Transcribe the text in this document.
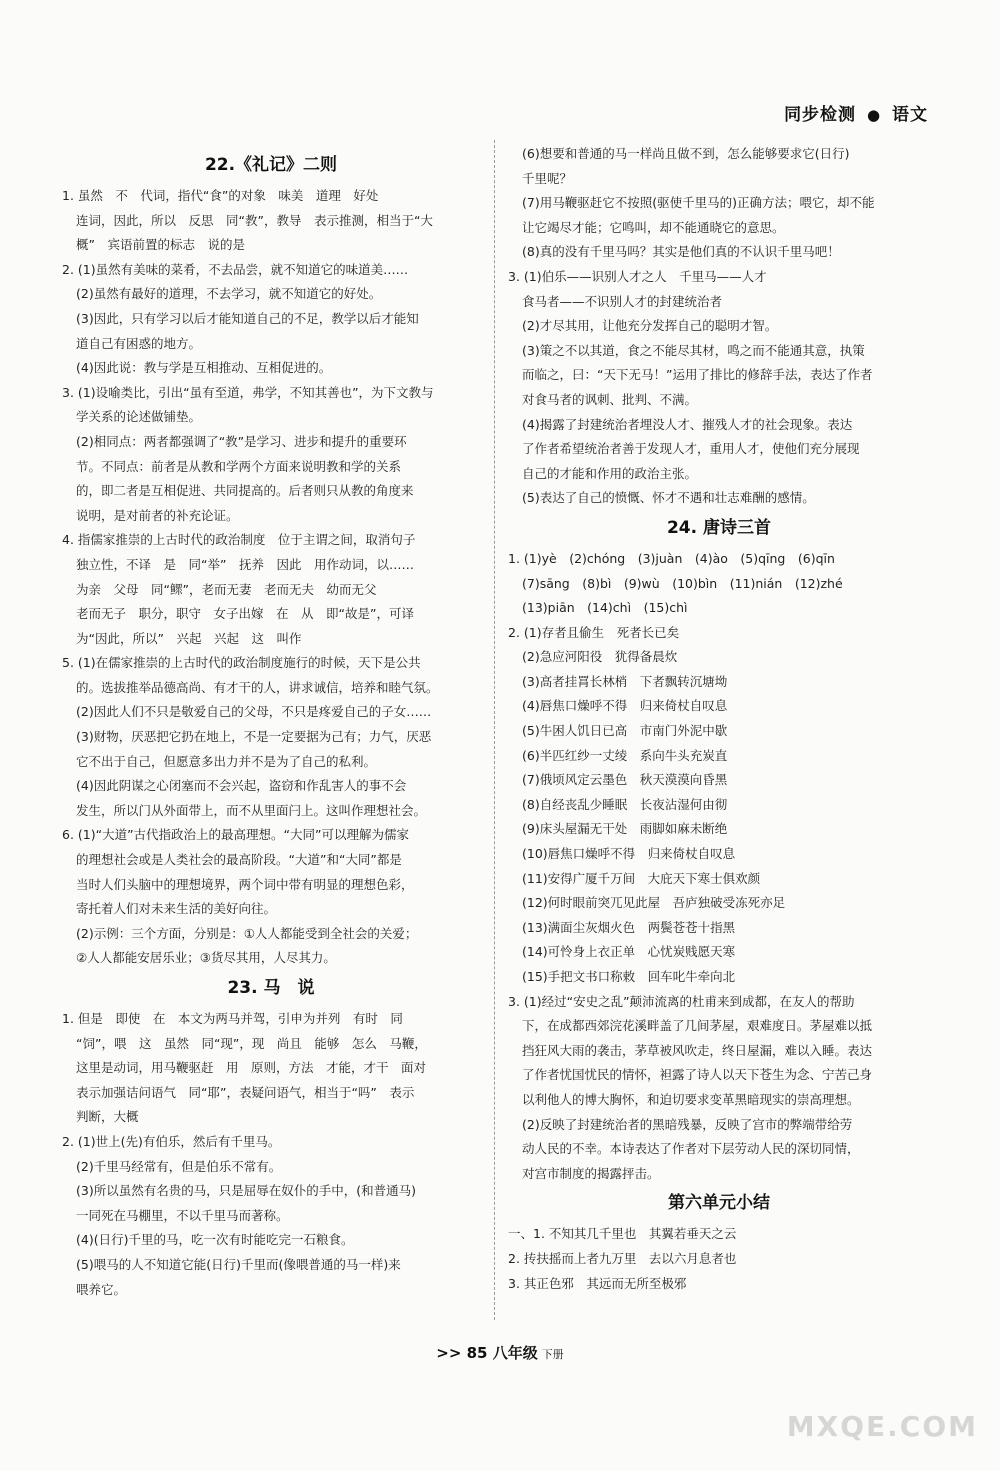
同步检测 ● 语文
22.《礼记》二则
1. 虽然　不　代词，指代“食”的对象　味美　道理　好处
连词，因此，所以　反思　同“教”，教导　表示推测，相当于“大
概”　宾语前置的标志　说的是
2. (1)虽然有美味的菜肴，不去品尝，就不知道它的味道美……
(2)虽然有最好的道理，不去学习，就不知道它的好处。
(3)因此，只有学习以后才能知道自己的不足，教学以后才能知
道自己有困惑的地方。
(4)因此说：教与学是互相推动、互相促进的。
3. (1)设喻类比，引出“虽有至道，弗学，不知其善也”，为下文教与
学关系的论述做铺垫。
(2)相同点：两者都强调了“教”是学习、进步和提升的重要环
节。不同点：前者是从教和学两个方面来说明教和学的关系
的，即二者是互相促进、共同提高的。后者则只从教的角度来
说明，是对前者的补充论证。
4. 指儒家推崇的上古时代的政治制度　位于主谓之间，取消句子
独立性，不译　是　同“举”　抚养　因此　用作动词，以……
为亲　父母　同“鳏”，老而无妻　老而无夫　幼而无父
老而无子　职分，职守　女子出嫁　在　从　即“故是”，可译
为“因此，所以”　兴起　兴起　这　叫作
5. (1)在儒家推崇的上古时代的政治制度施行的时候，天下是公共
的。选拔推举品德高尚、有才干的人，讲求诚信，培养和睦气氛。
(2)因此人们不只是敬爱自己的父母，不只是疼爱自己的子女……
(3)财物，厌恶把它扔在地上，不是一定要据为己有；力气，厌恶
它不出于自己，但愿意多出力并不是为了自己的私利。
(4)因此阴谋之心闭塞而不会兴起，盗窃和作乱害人的事不会
发生，所以门从外面带上，而不从里面闩上。这叫作理想社会。
6. (1)“大道”古代指政治上的最高理想。“大同”可以理解为儒家
的理想社会或是人类社会的最高阶段。“大道”和“大同”都是
当时人们头脑中的理想境界，两个词中带有明显的理想色彩，
寄托着人们对未来生活的美好向往。
(2)示例：三个方面，分别是：①人人都能受到全社会的关爱；
②人人都能安居乐业；③货尽其用，人尽其力。
23. 马　说
1. 但是　即使　在　本文为两马并驾，引申为并列　有时　同
“饲”，喂　这　虽然　同“现”，现　尚且　能够　怎么　马鞭，
这里是动词，用马鞭驱赶　用　原则，方法　才能，才干　面对
表示加强诘问语气　同“耶”，表疑问语气，相当于“吗”　表示
判断，大概
2. (1)世上(先)有伯乐，然后有千里马。
(2)千里马经常有，但是伯乐不常有。
(3)所以虽然有名贵的马，只是屈辱在奴仆的手中，(和普通马)
一同死在马棚里，不以千里马而著称。
(4)(日行)千里的马，吃一次有时能吃完一石粮食。
(5)喂马的人不知道它能(日行)千里而(像喂普通的马一样)来
喂养它。
(6)想要和普通的马一样尚且做不到，怎么能够要求它(日行)
千里呢？
(7)用马鞭驱赶它不按照(驱使千里马的)正确方法；喂它，却不能
让它竭尽才能；它鸣叫，却不能通晓它的意思。
(8)真的没有千里马吗？其实是他们真的不认识千里马吧！
3. (1)伯乐——识别人才之人　千里马——人才
食马者——不识别人才的封建统治者
(2)才尽其用，让他充分发挥自己的聪明才智。
(3)策之不以其道，食之不能尽其材，鸣之而不能通其意，执策
而临之，曰：“天下无马！”运用了排比的修辞手法，表达了作者
对食马者的讽刺、批判、不满。
(4)揭露了封建统治者埋没人才、摧残人才的社会现象。表达
了作者希望统治者善于发现人才，重用人才，使他们充分展现
自己的才能和作用的政治主张。
(5)表达了自己的愤慨、怀才不遇和壮志难酬的感情。
24. 唐诗三首
1. (1)yè　(2)chóng　(3)juàn　(4)ào　(5)qīng　(6)qīn
(7)sāng　(8)bì　(9)wù　(10)bìn　(11)nián　(12)zhé
(13)piān　(14)chì　(15)chì
2. (1)存者且偷生　死者长已矣
(2)急应河阳役　犹得备晨炊
(3)高者挂罥长林梢　下者飘转沉塘坳
(4)唇焦口燥呼不得　归来倚杖自叹息
(5)牛困人饥日已高　市南门外泥中歇
(6)半匹红纱一丈绫　系向牛头充炭直
(7)俄顷风定云墨色　秋天漠漠向昏黑
(8)自经丧乱少睡眠　长夜沾湿何由彻
(9)床头屋漏无干处　雨脚如麻未断绝
(10)唇焦口燥呼不得　归来倚杖自叹息
(11)安得广厦千万间　大庇天下寒士俱欢颜
(12)何时眼前突兀见此屋　吾庐独破受冻死亦足
(13)满面尘灰烟火色　两鬓苍苍十指黑
(14)可怜身上衣正单　心忧炭贱愿天寒
(15)手把文书口称敕　回车叱牛牵向北
3. (1)经过“安史之乱”颠沛流离的杜甫来到成都，在友人的帮助
下，在成都西郊浣花溪畔盖了几间茅屋，艰难度日。茅屋难以抵
挡狂风大雨的袭击，茅草被风吹走，终日屋漏，难以入睡。表达
了作者忧国忧民的情怀，袒露了诗人以天下苍生为念、宁苦己身
以利他人的博大胸怀，和迫切要求变革黑暗现实的崇高理想。
(2)反映了封建统治者的黑暗残暴，反映了宫市的弊端带给劳
动人民的不幸。本诗表达了作者对下层劳动人民的深切同情，
对宫市制度的揭露抨击。
第六单元小结
一、1. 不知其几千里也　其翼若垂天之云
2. 抟扶摇而上者九万里　去以六月息者也
3. 其正色邪　其远而无所至极邪
>> 85 八年级 下册
MXQE.COM
